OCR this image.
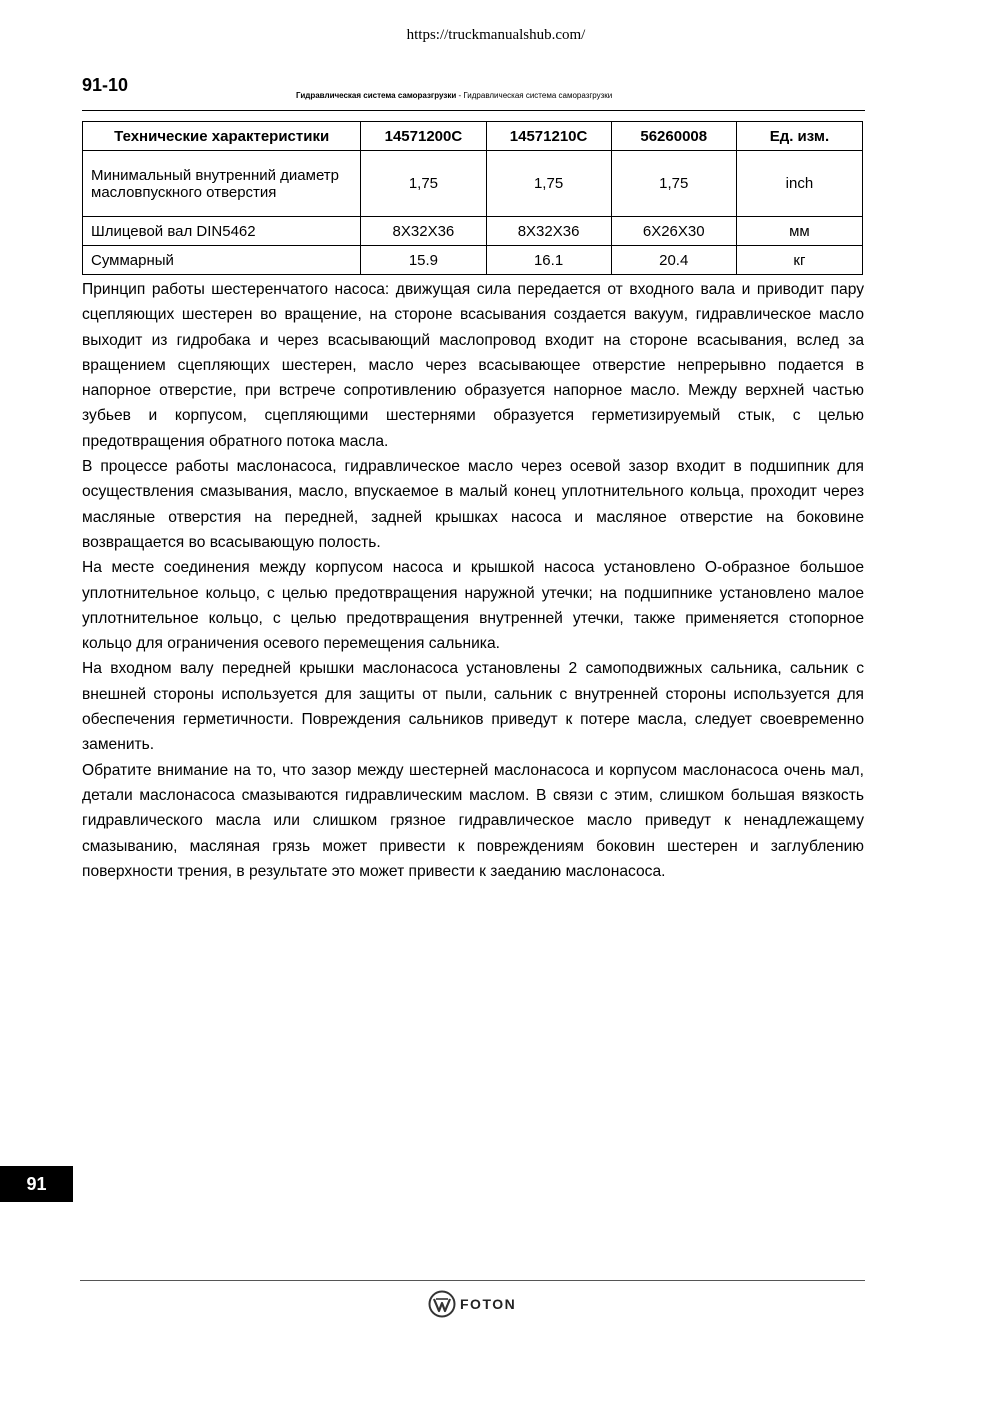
https://truckmanualshub.com/
91-10
Гидравлическая система саморазгрузки - Гидравлическая система саморазгрузки
Технические характеристики	14571200C	14571210C	56260008	Ед. изм.
Минимальный внутренний диаметр масловпускного отверстия	1,75	1,75	1,75	inch
Шлицевой вал DIN5462	8X32X36	8X32X36	6X26X30	мм
Суммарный	15.9	16.1	20.4	кг

Принцип работы шестеренчатого насоса: движущая сила передается от входного вала и приводит пару сцепляющих шестерен во вращение, на стороне всасывания создается вакуум, гидравлическое масло выходит из гидробака и через всасывающий маслопровод входит на стороне всасывания, вслед за вращением сцепляющих шестерен, масло через всасывающее отверстие непрерывно подается в напорное отверстие, при встрече сопротивлению образуется напорное масло. Между верхней частью зубьев и корпусом, сцепляющими шестернями образуется герметизируемый стык, с целью предотвращения обратного потока масла.

В процессе работы маслонасоса, гидравлическое масло через осевой зазор входит в подшипник для осуществления смазывания, масло, впускаемое в малый конец уплотнительного кольца, проходит через масляные отверстия на передней, задней крышках насоса и масляное отверстие на боковине возвращается во всасывающую полость.

На месте соединения между корпусом насоса и крышкой насоса установлено О-образное большое уплотнительное кольцо, с целью предотвращения наружной утечки; на подшипнике установлено малое уплотнительное кольцо, с целью предотвращения внутренней утечки, также применяется стопорное кольцо для ограничения осевого перемещения сальника.

На входном валу передней крышки маслонасоса установлены 2 самоподвижных сальника, сальник с внешней стороны используется для защиты от пыли, сальник с внутренней стороны используется для обеспечения герметичности. Повреждения сальников приведут к потере масла, следует своевременно заменить.

Обратите внимание на то, что зазор между шестерней маслонасоса и корпусом маслонасоса очень мал, детали маслонасоса смазываются гидравлическим маслом. В связи с этим, слишком большая вязкость гидравлического масла или слишком грязное гидравлическое масло приведут к ненадлежащему смазыванию, масляная грязь может привести к повреждениям боковин шестерен и заглублению поверхности трения, в результате это может привести к заеданию маслонасоса.

91
FOTON
